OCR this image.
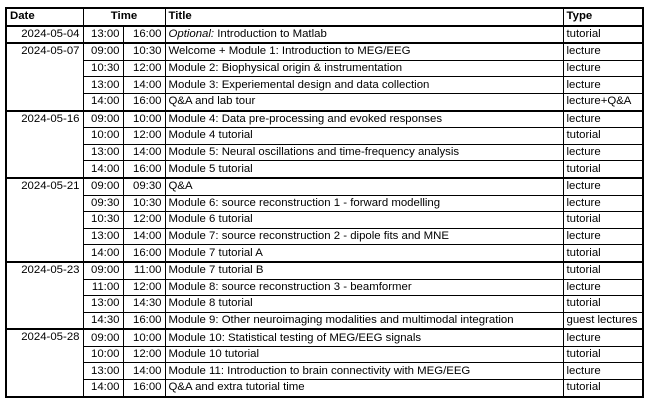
Date	Time		Title	Type
2024-05-04	13:00	16:00	Optional: Introduction to Matlab	tutorial
2024-05-07	09:00	10:30	Welcome + Module 1: Introduction to MEG/EEG	lecture
	10:30	12:00	Module 2: Biophysical origin & instrumentation	lecture
	13:00	14:00	Module 3: Experiemental design and data collection	lecture
	14:00	16:00	Q&A and lab tour	lecture+Q&A
2024-05-16	09:00	10:00	Module 4: Data pre-processing and evoked responses	lecture
	10:00	12:00	Module 4 tutorial	tutorial
	13:00	14:00	Module 5: Neural oscillations and time-frequency analysis	lecture
	14:00	16:00	Module 5 tutorial	tutorial
2024-05-21	09:00	09:30	Q&A	lecture
	09:30	10:30	Module 6: source reconstruction 1 - forward modelling	lecture
	10:30	12:00	Module 6 tutorial	tutorial
	13:00	14:00	Module 7: source reconstruction 2 - dipole fits and MNE	lecture
	14:00	16:00	Module 7 tutorial A	tutorial
2024-05-23	09:00	11:00	Module 7 tutorial B	tutorial
	11:00	12:00	Module 8: source reconstruction 3 - beamformer	lecture
	13:00	14:30	Module 8 tutorial	tutorial
	14:30	16:00	Module 9: Other neuroimaging modalities and multimodal integration	guest lectures
2024-05-28	09:00	10:00	Module 10: Statistical testing of MEG/EEG signals	lecture
	10:00	12:00	Module 10 tutorial	tutorial
	13:00	14:00	Module 11: Introduction to brain connectivity with MEG/EEG	lecture
	14:00	16:00	Q&A and extra tutorial time	tutorial
